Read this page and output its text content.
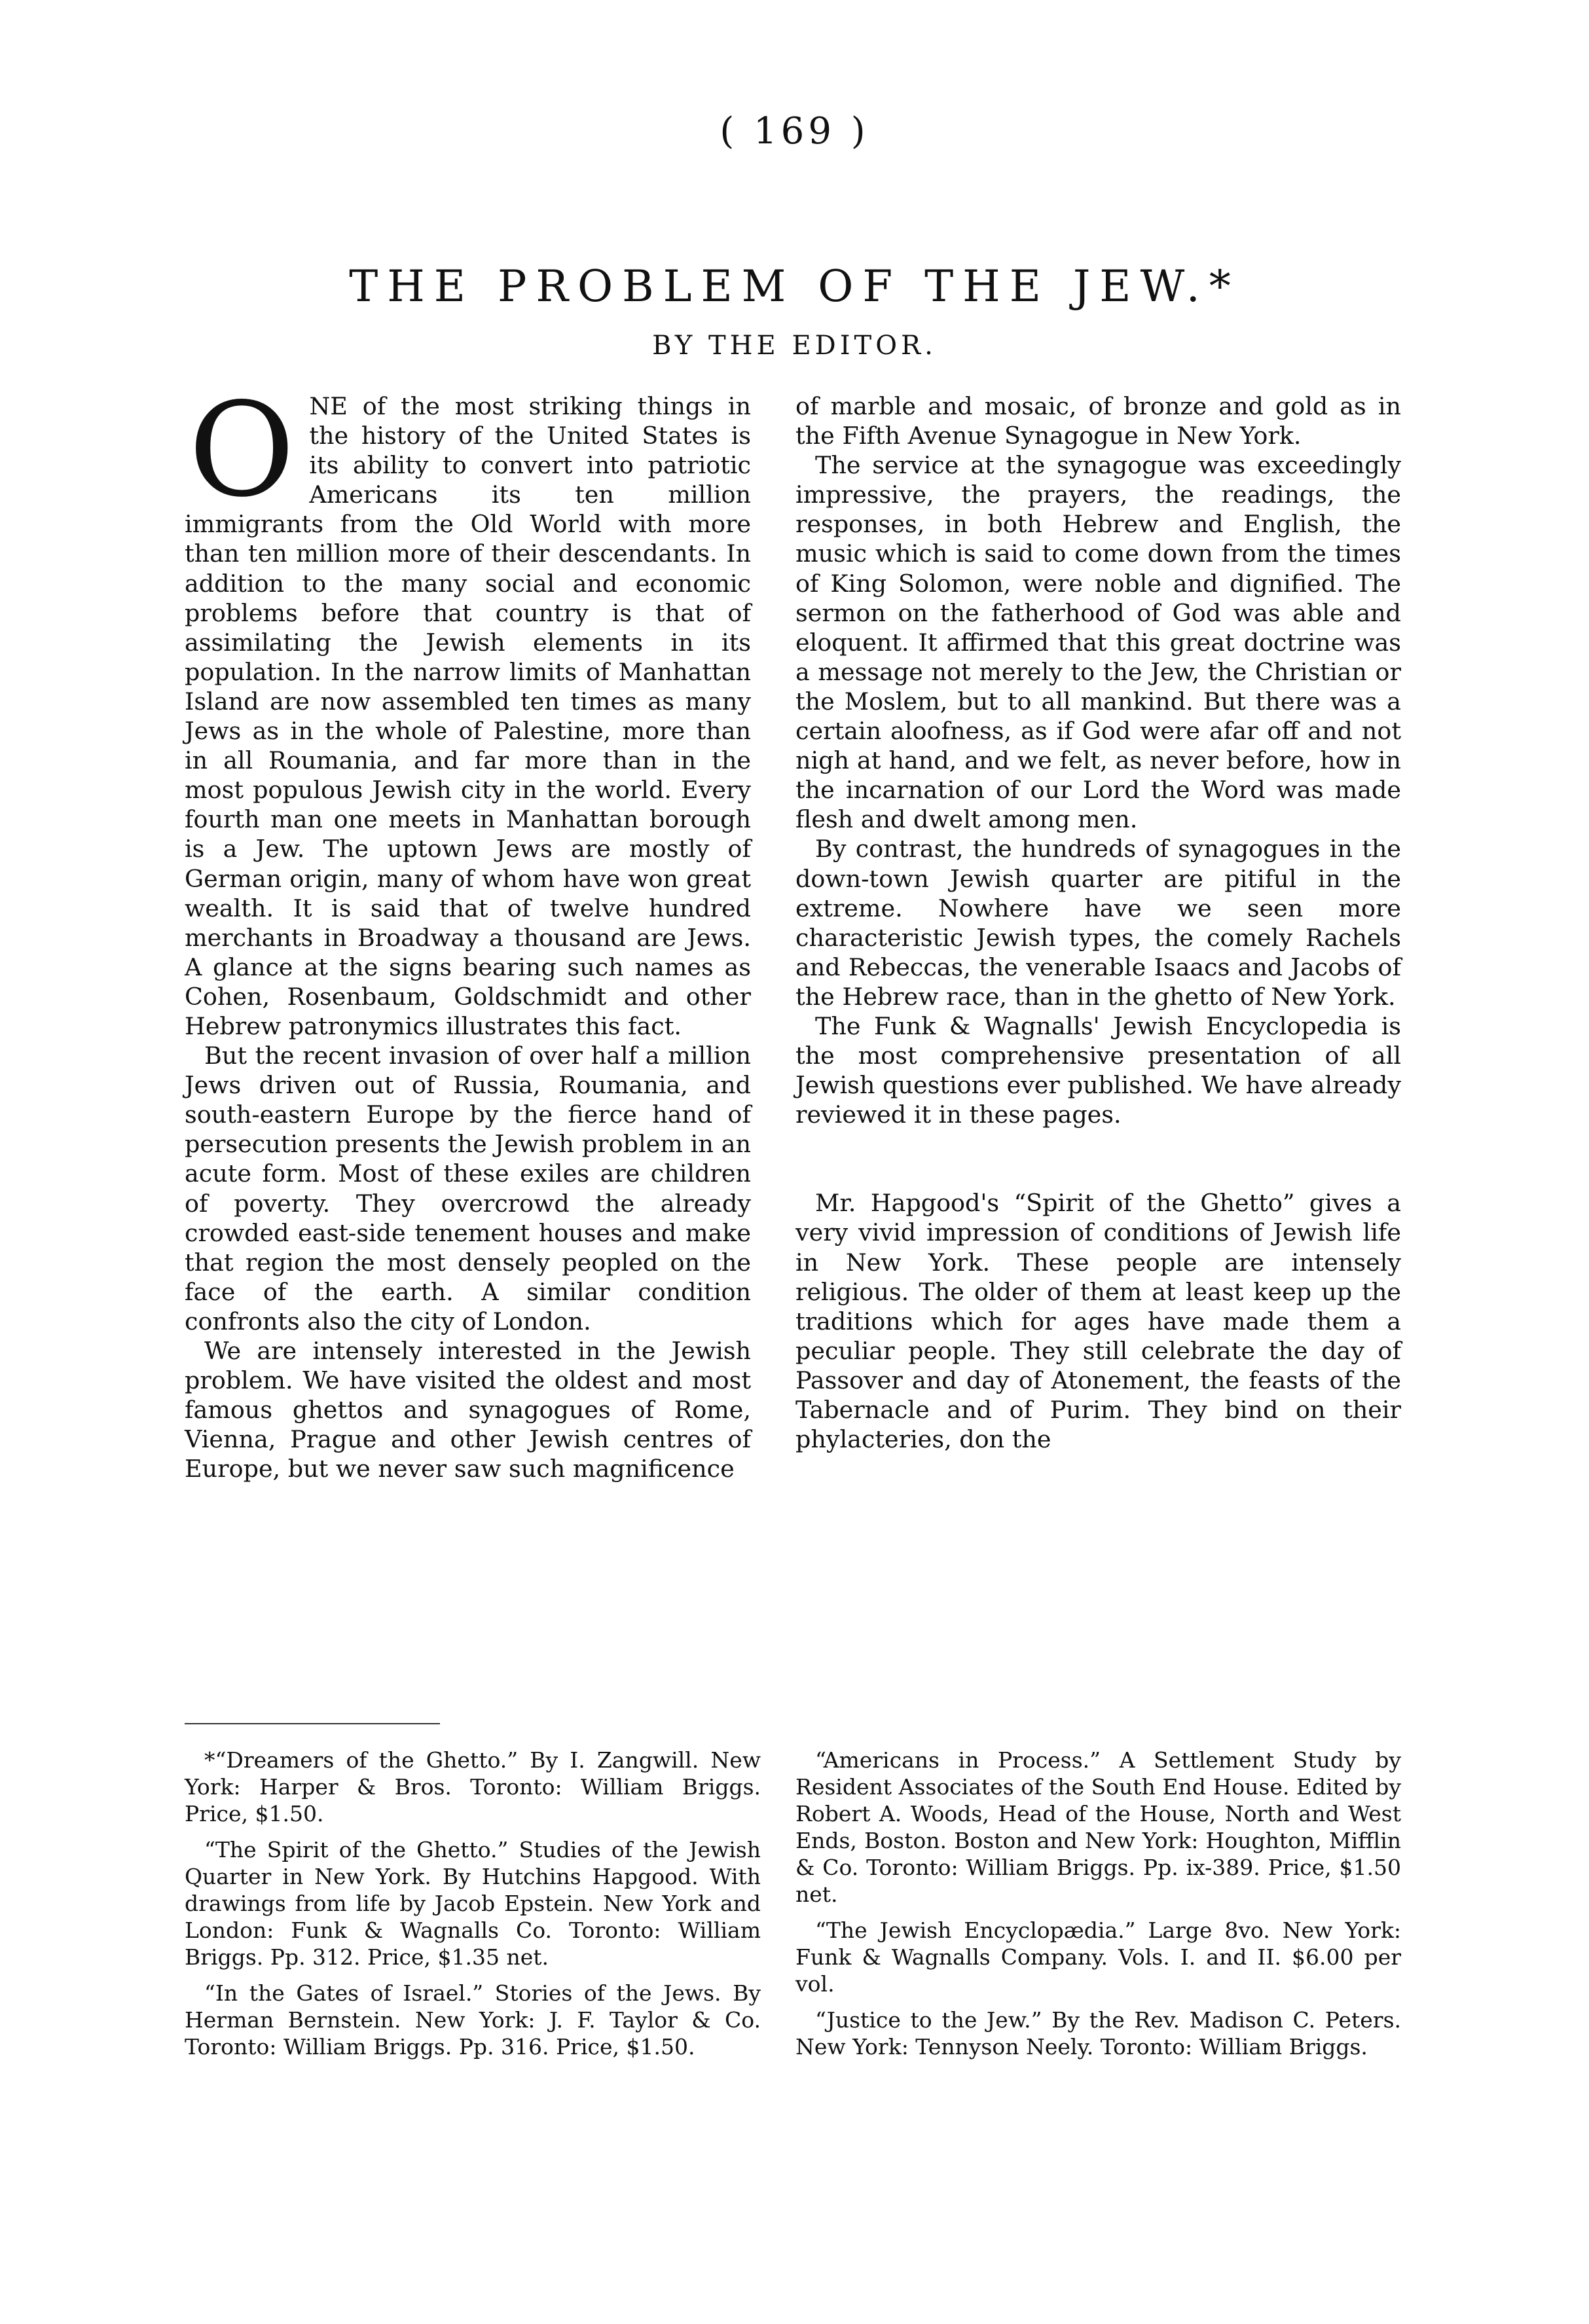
( 169 )
THE PROBLEM OF THE JEW.*
BY THE EDITOR.

ONE of the most striking things in the history of the United States is its ability to convert into patriotic Americans its ten million immigrants from the Old World with more than ten million more of their descendants. In addition to the many social and economic problems before that country is that of assimilating the Jewish elements in its population. In the narrow limits of Manhattan Island are now assembled ten times as many Jews as in the whole of Palestine, more than in all Roumania, and far more than in the most populous Jewish city in the world. Every fourth man one meets in Manhattan borough is a Jew. The uptown Jews are mostly of German origin, many of whom have won great wealth. It is said that of twelve hundred merchants in Broadway a thousand are Jews. A glance at the signs bearing such names as Cohen, Rosenbaum, Goldschmidt and other Hebrew patronymics illustrates this fact.

But the recent invasion of over half a million Jews driven out of Russia, Roumania, and south-eastern Europe by the fierce hand of persecution presents the Jewish problem in an acute form. Most of these exiles are children of poverty. They overcrowd the already crowded east-side tenement houses and make that region the most densely peopled on the face of the earth. A similar condition confronts also the city of London.

We are intensely interested in the Jewish problem. We have visited the oldest and most famous ghettos and synagogues of Rome, Vienna, Prague and other Jewish centres of Europe, but we never saw such magnificence

of marble and mosaic, of bronze and gold as in the Fifth Avenue Synagogue in New York.

The service at the synagogue was exceedingly impressive, the prayers, the readings, the responses, in both Hebrew and English, the music which is said to come down from the times of King Solomon, were noble and dignified. The sermon on the fatherhood of God was able and eloquent. It affirmed that this great doctrine was a message not merely to the Jew, the Christian or the Moslem, but to all mankind. But there was a certain aloofness, as if God were afar off and not nigh at hand, and we felt, as never before, how in the incarnation of our Lord the Word was made flesh and dwelt among men.

By contrast, the hundreds of synagogues in the down-town Jewish quarter are pitiful in the extreme. Nowhere have we seen more characteristic Jewish types, the comely Rachels and Rebeccas, the venerable Isaacs and Jacobs of the Hebrew race, than in the ghetto of New York.

The Funk & Wagnalls' Jewish Encyclopedia is the most comprehensive presentation of all Jewish questions ever published. We have already reviewed it in these pages.

Mr. Hapgood's “Spirit of the Ghetto” gives a very vivid impression of conditions of Jewish life in New York. These people are intensely religious. The older of them at least keep up the traditions which for ages have made them a peculiar people. They still celebrate the day of Passover and day of Atonement, the feasts of the Tabernacle and of Purim. They bind on their phylacteries, don the

*“Dreamers of the Ghetto.” By I. Zangwill. New York: Harper & Bros. Toronto: William Briggs. Price, $1.50.

“The Spirit of the Ghetto.” Studies of the Jewish Quarter in New York. By Hutchins Hapgood. With drawings from life by Jacob Epstein. New York and London: Funk & Wagnalls Co. Toronto: William Briggs. Pp. 312. Price, $1.35 net.

“In the Gates of Israel.” Stories of the Jews. By Herman Bernstein. New York: J. F. Taylor & Co. Toronto: William Briggs. Pp. 316. Price, $1.50.

“Americans in Process.” A Settlement Study by Resident Associates of the South End House. Edited by Robert A. Woods, Head of the House, North and West Ends, Boston. Boston and New York: Houghton, Mifflin & Co. Toronto: William Briggs. Pp. ix-389. Price, $1.50 net.

“The Jewish Encyclopædia.” Large 8vo. New York: Funk & Wagnalls Company. Vols. I. and II. $6.00 per vol.

“Justice to the Jew.” By the Rev. Madison C. Peters. New York: Tennyson Neely. Toronto: William Briggs.
